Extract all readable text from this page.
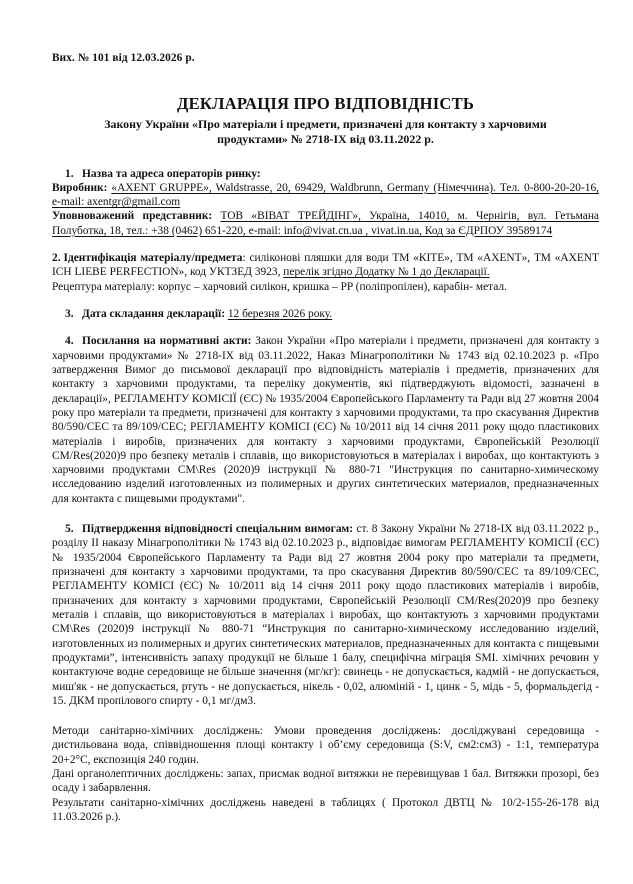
Вих. № 101 від 12.03.2026 р.
ДЕКЛАРАЦІЯ ПРО ВІДПОВІДНІСТЬ
Закону України «Про матеріали і предмети, призначені для контакту з харчовими продуктами» № 2718-IX від 03.11.2022 р.
1. Назва та адреса операторів ринку:

Виробник: «AXENT GRUPPE», Waldstrasse, 20, 69429, Waldbrunn, Germany (Німеччина). Тел. 0-800-20-20-16, e-mail: axentgr@gmail.com

Уповноважений представник: ТОВ «ВІВАТ ТРЕЙДІНГ», Україна, 14010, м. Чернігів, вул. Гетьмана Полуботка, 18, тел.: +38 (0462) 651-220, e-mail: info@vivat.cn.ua , vivat.in.ua, Код за ЄДРПОУ 39589174

2. Ідентифікація матеріалу/предмета: силіконові пляшки для води ТМ «КІТЕ», ТМ «AXENT», ТМ «AXENT ICH LIEBE PERFECTION», код УКТЗЕД 3923, перелік згідно Додатку № 1 до Декларації.

Рецептура матеріалу: корпус – харчовий силікон, кришка – PP (поліпропілен), карабін- метал.

3. Дата складання декларації: 12 березня 2026 року.

4. Посилання на нормативні акти: Закон України «Про матеріали і предмети, призначені для контакту з харчовими продуктами» № 2718-IX від 03.11.2022, Наказ Мінагрополітики № 1743 від 02.10.2023 р. «Про затвердження Вимог до письмової декларації про відповідність матеріалів і предметів, призначених для контакту з харчовими продуктами, та переліку документів, які підтверджують відомості, зазначені в декларації», РЕГЛАМЕНТУ КОМІСІЇ (ЄС) № 1935/2004 Європейського Парламенту та Ради від 27 жовтня 2004 року про матеріали та предмети, призначені для контакту з харчовими продуктами, та про скасування Директив 80/590/СЕС та 89/109/СЕС; РЕГЛАМЕНТУ КОМІСІ (ЄС) № 10/2011 від 14 січня 2011 року щодо пластикових матеріалів і виробів, призначених для контакту з харчовими продуктами, Європейській Резолюції CM/Res(2020)9 про безпеку металів і сплавів, що використовуються в матеріалах і виробах, що контактують з харчовими продуктами CM\Res (2020)9 інструкції № 880-71 "Инструкция по санитарно-химическому исследованию изделий изготовленных из полимерных и других синтетических материалов, предназначенных для контакта с пищевыми продуктами".

5. Підтвердження відповідності спеціальним вимогам: ст. 8 Закону України № 2718-IX від 03.11.2022 р., розділу II наказу Мінагрополітики № 1743 від 02.10.2023 р., відповідає вимогам РЕГЛАМЕНТУ КОМІСІЇ (ЄС) № 1935/2004 Європейського Парламенту та Ради від 27 жовтня 2004 року про матеріали та предмети, призначені для контакту з харчовими продуктами, та про скасування Директив 80/590/СЕС та 89/109/СЕС, РЕГЛАМЕНТУ КОМІСІ (ЄС) № 10/2011 від 14 січня 2011 року щодо пластикових матеріалів і виробів, призначених для контакту з харчовими продуктами, Європейській Резолюції CM/Res(2020)9 про безпеку металів і сплавів, що використовуються в матеріалах і виробах, що контактують з харчовими продуктами CM\Res (2020)9 інструкції № 880-71 “Инструкция по санитарно-химическому исследованию изделий, изготовленных из полимерных и других синтетических материалов, предназначенных для контакта с пищевыми продуктами”, інтенсивність запаху продукції не більше 1 балу, специфічна міграція SMI. хімічних речовин у контактуюче водне середовище не більше значення (мг/кг): свинець - не допускається, кадмій - не допускається, миш'як - не допускається, ртуть - не допускається, нікель - 0,02, алюміній - 1, цинк - 5, мідь - 5, формальдегід - 15. ДКМ пропілового спирту - 0,1 мг/дм3.

Методи санітарно-хімічних досліджень: Умови проведення досліджень: досліджувані середовища - дистильована вода, співвідношення площі контакту і об’єму середовища (S:V, см2:см3) - 1:1, температура 20+2°С, експозиція 240 годин.

Дані органолептичних досліджень: запах, присмак водної витяжки не перевищував 1 бал. Витяжки прозорі, без осаду і забарвлення.

Результати санітарно-хімічних досліджень наведені в таблицях ( Протокол ДВТЦ № 10/2-155-26-178 від 11.03.2026 р.).
